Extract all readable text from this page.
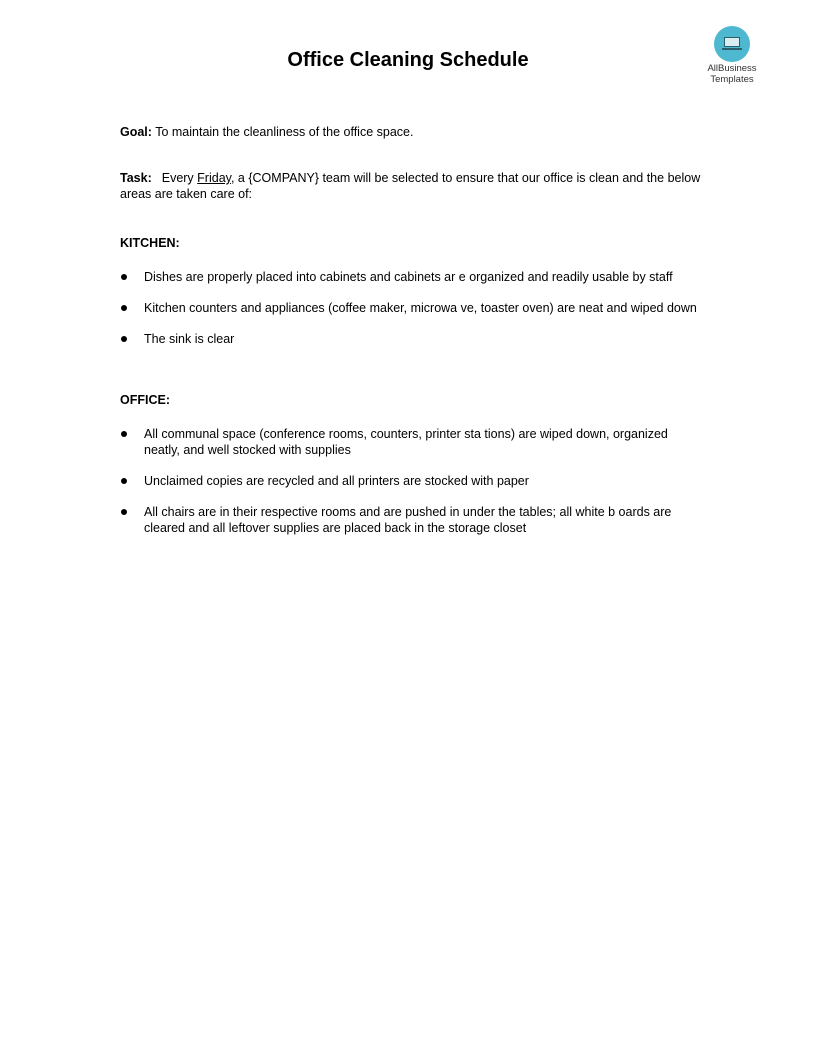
Office Cleaning Schedule	AllBusiness
Templates

Goal: To maintain the cleanliness of the office space.

Task: Every Friday, a {COMPANY} team will be selected to ensure that our office is clean and the below areas are taken care of:

KITCHEN:

Dishes are properly placed into cabinets and cabinets ar e organized and readily usable by staff
Kitchen counters and appliances (coffee maker, microwa ve, toaster oven) are neat and wiped down
The sink is clear

OFFICE:

All communal space (conference rooms, counters, printer sta tions) are wiped down, organized neatly, and well stocked with supplies
Unclaimed copies are recycled and all printers are stocked with paper
All chairs are in their respective rooms and are pushed in under the tables; all white b oards are cleared and all leftover supplies are placed back in the storage closet
